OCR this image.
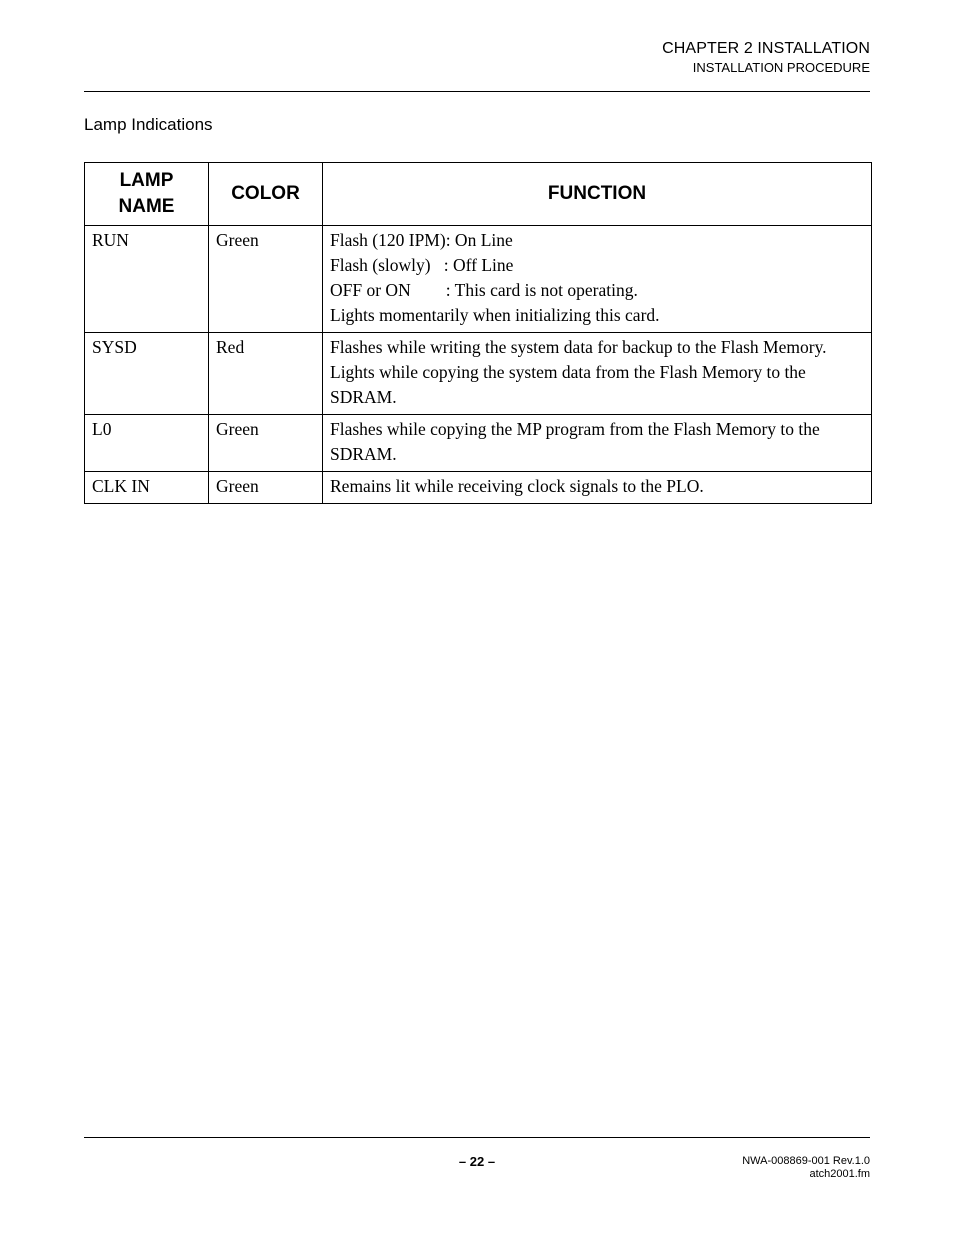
CHAPTER 2 INSTALLATION
INSTALLATION PROCEDURE
Lamp Indications
LAMP
NAME	COLOR	FUNCTION
RUN	Green	Flash (120 IPM): On Line
Flash (slowly)   : Off Line
OFF or ON        : This card is not operating.
Lights momentarily when initializing this card.

SYSD	Red	Flashes while writing the system data for backup to the Flash Memory.
Lights while copying the system data from the Flash Memory to the
SDRAM.

L0	Green	Flashes while copying the MP program from the Flash Memory to the
SDRAM.

CLK IN	Green	Remains lit while receiving clock signals to the PLO.
– 22 –	NWA-008869-001 Rev.1.0
atch2001.fm
